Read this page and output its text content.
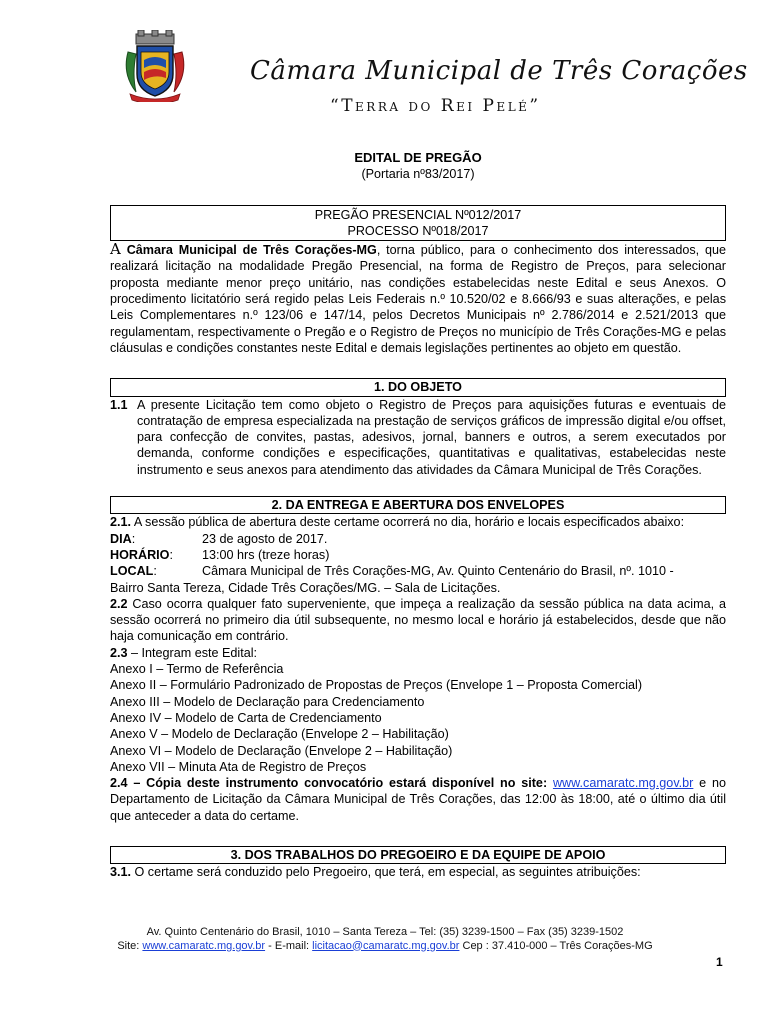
Câmara Municipal de Três Corações
“Terra do Rei Pelé”
EDITAL DE PREGÃO
(Portaria nº83/2017)
PREGÃO PRESENCIAL Nº012/2017
PROCESSO Nº018/2017
A Câmara Municipal de Três Corações-MG, torna público, para o conhecimento dos interessados, que realizará licitação na modalidade Pregão Presencial, na forma de Registro de Preços, para selecionar proposta mediante menor preço unitário, nas condições estabelecidas neste Edital e seus Anexos. O procedimento licitatório será regido pelas Leis Federais n.º 10.520/02 e 8.666/93 e suas alterações, e pelas Leis Complementares n.º 123/06 e 147/14, pelos Decretos Municipais nº 2.786/2014 e 2.521/2013 que regulamentam, respectivamente o Pregão e o Registro de Preços no município de Três Corações-MG e pelas cláusulas e condições constantes neste Edital e demais legislações pertinentes ao objeto em questão.
1. DO OBJETO
1.1 A presente Licitação tem como objeto o Registro de Preços para aquisições futuras e eventuais de contratação de empresa especializada na prestação de serviços gráficos de impressão digital e/ou offset, para confecção de convites, pastas, adesivos, jornal, banners e outros, a serem executados por demanda, conforme condições e especificações, quantitativas e qualitativas, estabelecidas neste instrumento e seus anexos para atendimento das atividades da Câmara Municipal de Três Corações.
2. DA ENTREGA E ABERTURA DOS ENVELOPES
2.1. A sessão pública de abertura deste certame ocorrerá no dia, horário e locais especificados abaixo:
DIA:	23 de agosto de 2017.
HORÁRIO:	13:00 hrs (treze horas)
LOCAL:	Câmara Municipal de Três Corações-MG, Av. Quinto Centenário do Brasil, nº. 1010 -
Bairro Santa Tereza, Cidade Três Corações/MG. – Sala de Licitações.
2.2 Caso ocorra qualquer fato superveniente, que impeça a realização da sessão pública na data acima, a sessão ocorrerá no primeiro dia útil subsequente, no mesmo local e horário já estabelecidos, desde que não haja comunicação em contrário.
2.3 – Integram este Edital:
Anexo I – Termo de Referência
Anexo II – Formulário Padronizado de Propostas de Preços (Envelope 1 – Proposta Comercial)
Anexo III – Modelo de Declaração para Credenciamento
Anexo IV – Modelo de Carta de Credenciamento
Anexo V – Modelo de Declaração (Envelope 2 – Habilitação)
Anexo VI – Modelo de Declaração (Envelope 2 – Habilitação)
Anexo VII – Minuta Ata de Registro de Preços
2.4 – Cópia deste instrumento convocatório estará disponível no site: www.camaratc.mg.gov.br e no Departamento de Licitação da Câmara Municipal de Três Corações, das 12:00 às 18:00, até o último dia útil que anteceder a data do certame.
3. DOS TRABALHOS DO PREGOEIRO E DA EQUIPE DE APOIO
3.1. O certame será conduzido pelo Pregoeiro, que terá, em especial, as seguintes atribuições:
Av. Quinto Centenário do Brasil, 1010 – Santa Tereza – Tel: (35) 3239-1500 – Fax (35) 3239-1502
Site: www.camaratc.mg.gov.br - E-mail: licitacao@camaratc.mg.gov.br Cep : 37.410-000 – Três Corações-MG
1
